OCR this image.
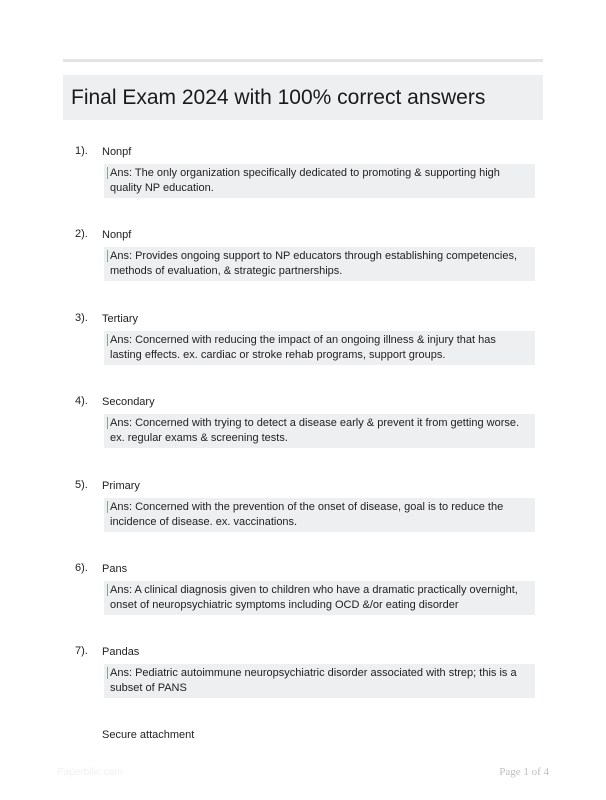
Final Exam 2024 with 100% correct answers
1). Nonpf
Ans: The only organization specifically dedicated to promoting & supporting high quality NP education.
2). Nonpf
Ans: Provides ongoing support to NP educators through establishing competencies, methods of evaluation, & strategic partnerships.
3). Tertiary
Ans: Concerned with reducing the impact of an ongoing illness & injury that has lasting effects. ex. cardiac or stroke rehab programs, support groups.
4). Secondary
Ans: Concerned with trying to detect a disease early & prevent it from getting worse. ex. regular exams & screening tests.
5). Primary
Ans: Concerned with the prevention of the onset of disease, goal is to reduce the incidence of disease. ex. vaccinations.
6). Pans
Ans: A clinical diagnosis given to children who have a dramatic practically overnight, onset of neuropsychiatric symptoms including OCD &/or eating disorder
7). Pandas
Ans: Pediatric autoimmune neuropsychiatric disorder associated with strep; this is a subset of PANS
Secure attachment
Paperbilic.com	Page 1 of 4
